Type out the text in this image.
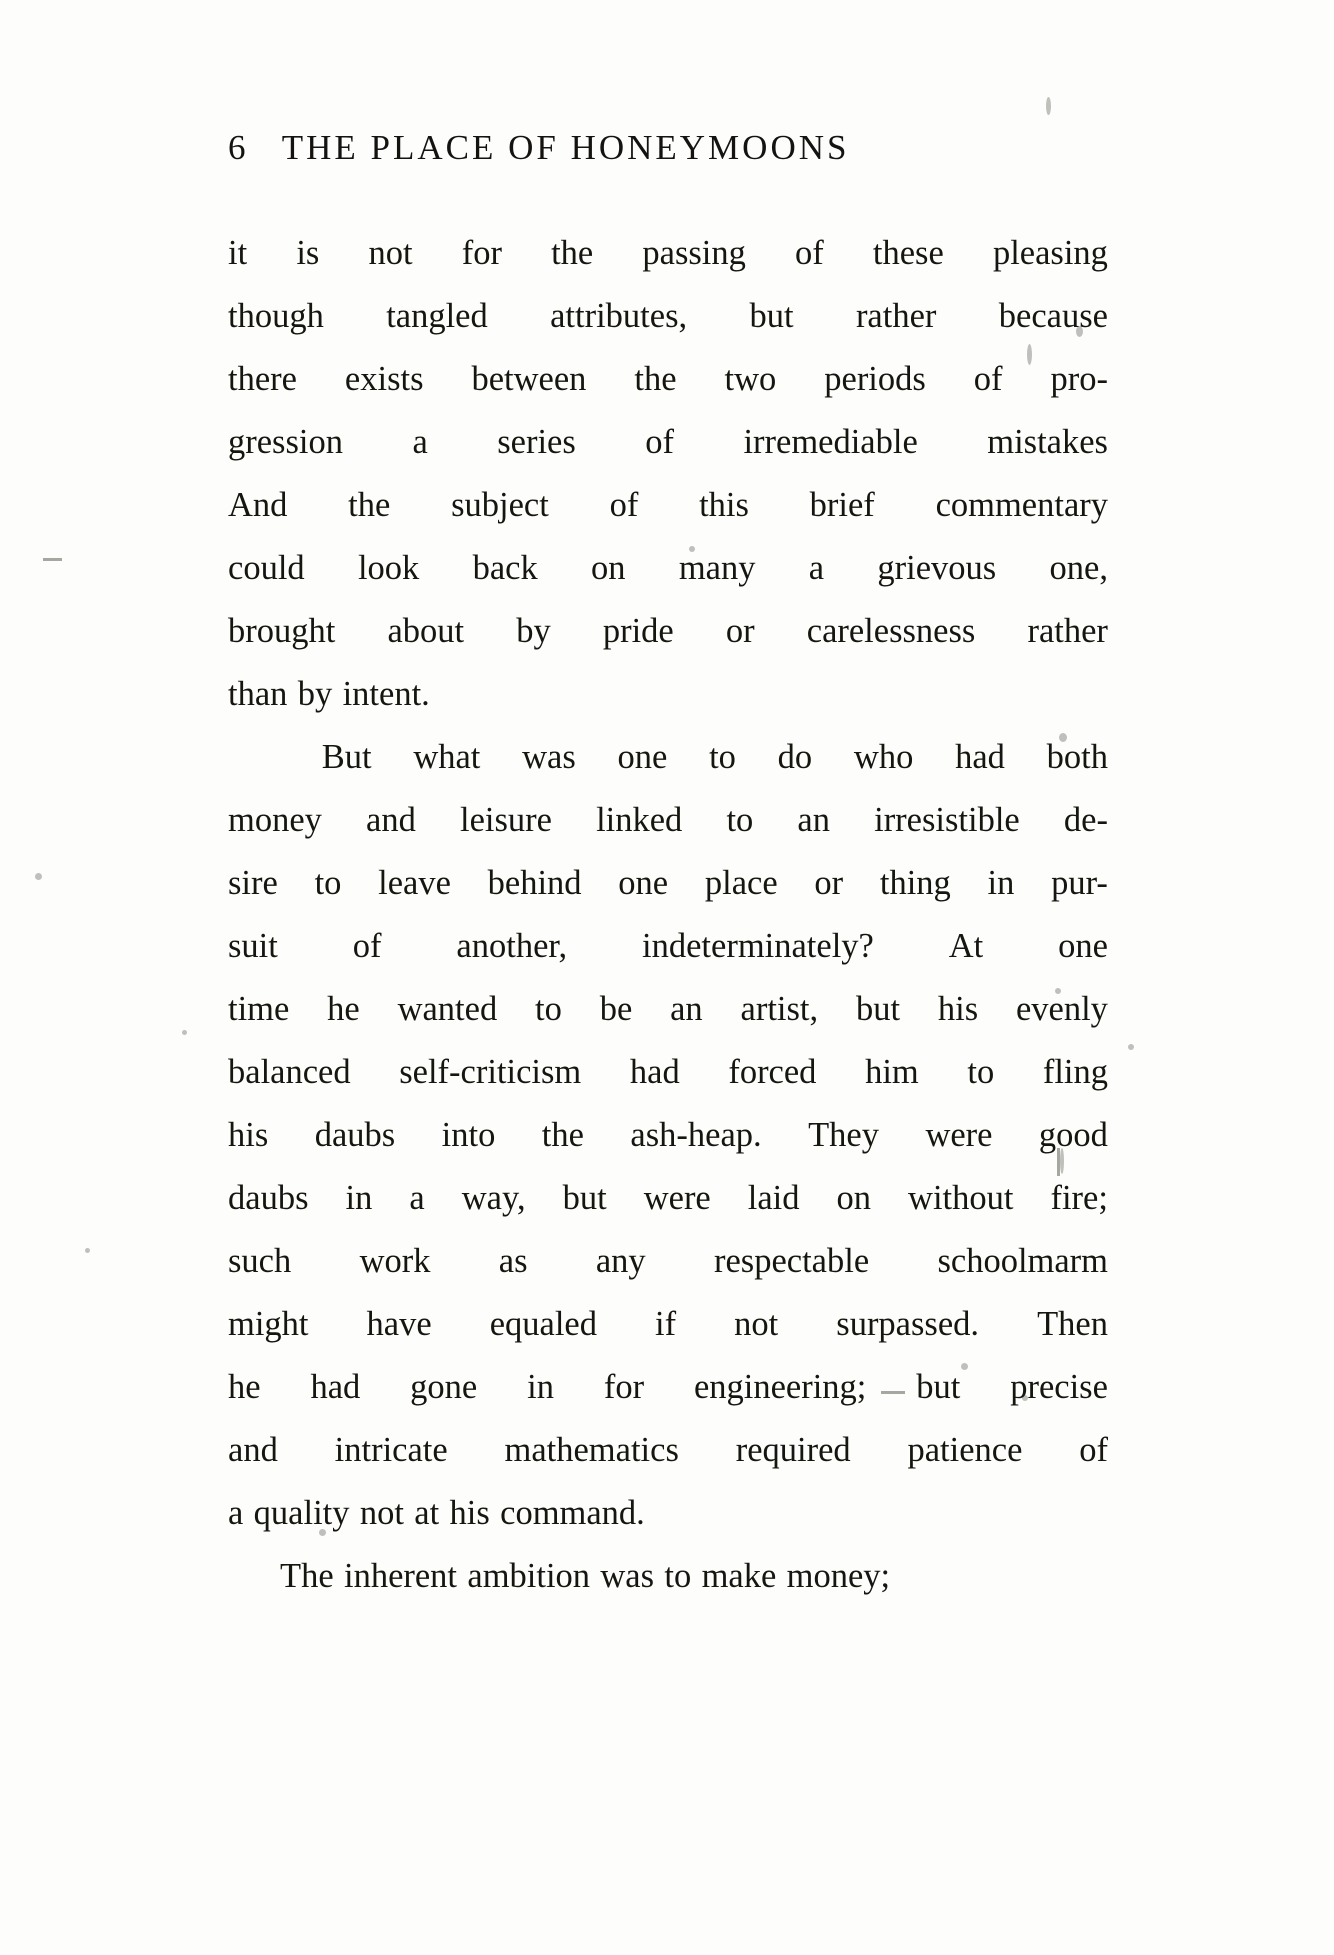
6 THE PLACE OF HONEYMOONS
it is not for the passing of these pleasing
though tangled attributes, but rather because
there exists between the two periods of pro-
gression a series of irremediable mistakes
And the subject of this brief commentary
could look back on many a grievous one,
brought about by pride or carelessness rather
than by intent.
But what was one to do who had both
money and leisure linked to an irresistible de-
sire to leave behind one place or thing in pur-
suit of another, indeterminately? At one
time he wanted to be an artist, but his evenly
balanced self-criticism had forced him to fling
his daubs into the ash-heap. They were good
daubs in a way, but were laid on without fire;
such work as any respectable schoolmarm
might have equaled if not surpassed. Then
he had gone in for engineering; but precise
and intricate mathematics required patience of
a quality not at his command.
The inherent ambition was to make money;
